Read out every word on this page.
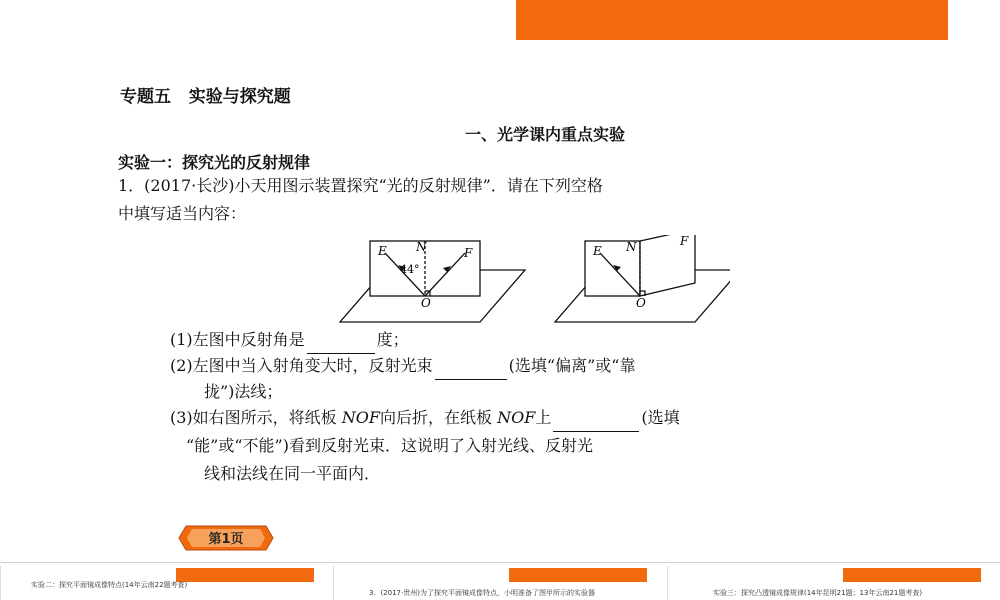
专题五   实验与探究题
一、光学课内重点实验
实验一：探究光的反射规律
1．(2017·长沙)小天用图示装置探究“光的反射规律”．请在下列空格
中填写适当内容：
E N	F
44°
O
E N	F
O
(1)左图中反射角是	度；
(2)左图中当入射角变大时，反射光束	(选填“偏离”或“靠
拢”)法线；
(3)如右图所示，将纸板 NOF向后折，在纸板 NOF上	(选填
“能”或“不能”)看到反射光束．这说明了入射光线、反射光
线和法线在同一平面内．
第1页
实验二：探究平面镜成像特点(14年云南22题考查)
3．(2017·贵州)为了探究平面镜成像特点，小明准备了图甲所示的实验器	实验三：探究凸透镜成像规律(14年昆明21题；13年云南21题考查)
